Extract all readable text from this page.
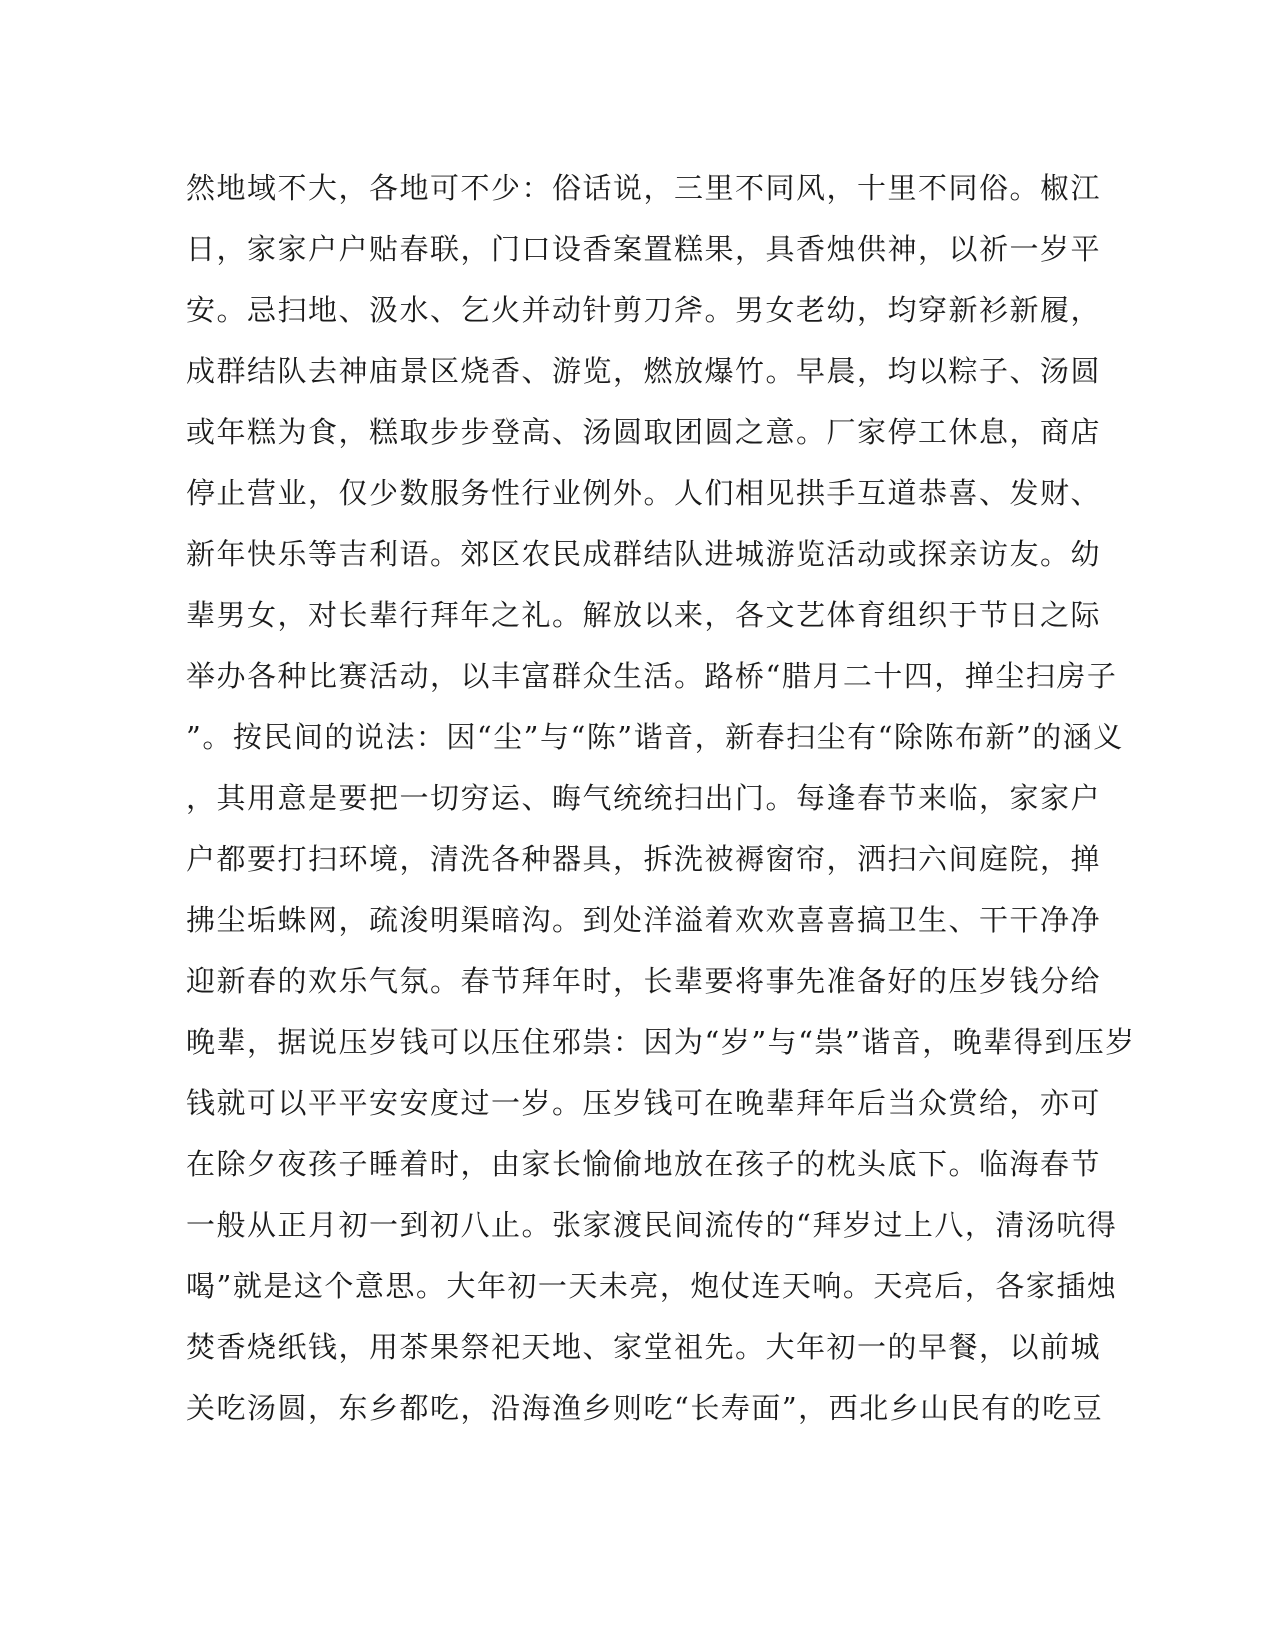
然地域不大，各地可不少：俗话说，三里不同风，十里不同俗。椒江
日，家家户户贴春联，门口设香案置糕果，具香烛供神，以祈一岁平
安。忌扫地、汲水、乞火并动针剪刀斧。男女老幼，均穿新衫新履，
成群结队去神庙景区烧香、游览，燃放爆竹。早晨，均以粽子、汤圆
或年糕为食，糕取步步登高、汤圆取团圆之意。厂家停工休息，商店
停止营业，仅少数服务性行业例外。人们相见拱手互道恭喜、发财、
新年快乐等吉利语。郊区农民成群结队进城游览活动或探亲访友。幼
辈男女，对长辈行拜年之礼。解放以来，各文艺体育组织于节日之际
举办各种比赛活动，以丰富群众生活。路桥“腊月二十四，掸尘扫房子
”。按民间的说法：因“尘”与“陈”谐音，新春扫尘有“除陈布新”的涵义
，其用意是要把一切穷运、晦气统统扫出门。每逢春节来临，家家户
户都要打扫环境，清洗各种器具，拆洗被褥窗帘，洒扫六间庭院，掸
拂尘垢蛛网，疏浚明渠暗沟。到处洋溢着欢欢喜喜搞卫生、干干净净
迎新春的欢乐气氛。春节拜年时，长辈要将事先准备好的压岁钱分给
晚辈，据说压岁钱可以压住邪祟：因为“岁”与“祟”谐音，晚辈得到压岁
钱就可以平平安安度过一岁。压岁钱可在晚辈拜年后当众赏给，亦可
在除夕夜孩子睡着时，由家长愉偷地放在孩子的枕头底下。临海春节
一般从正月初一到初八止。张家渡民间流传的“拜岁过上八，清汤吭得
喝”就是这个意思。大年初一天未亮，炮仗连天响。天亮后，各家插烛
焚香烧纸钱，用茶果祭祀天地、家堂祖先。大年初一的早餐，以前城
关吃汤圆，东乡都吃，沿海渔乡则吃“长寿面”，西北乡山民有的吃豆
